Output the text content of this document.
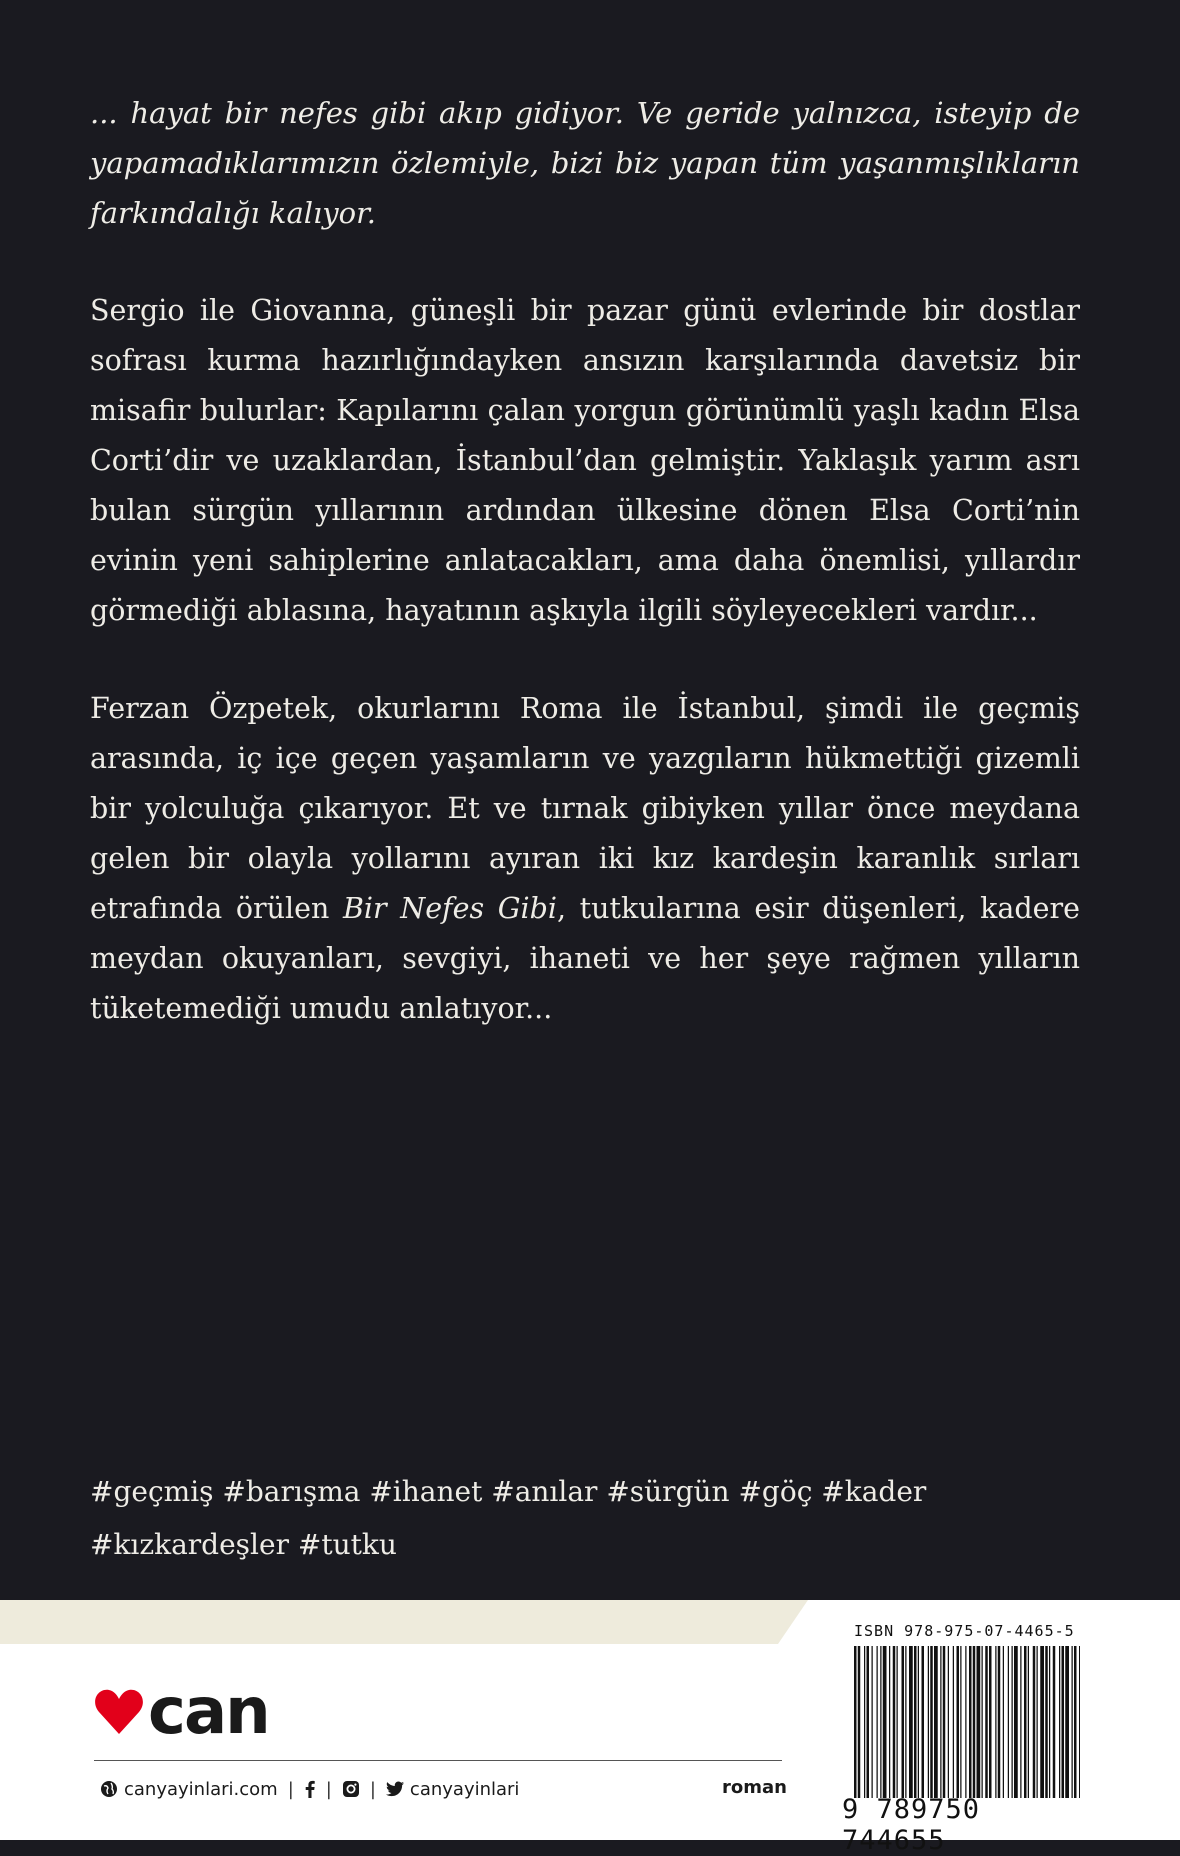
... hayat bir nefes gibi akıp gidiyor. Ve geride yalnızca, isteyip de yapamadıklarımızın özlemiyle, bizi biz yapan tüm yaşanmışlıkların farkındalığı kalıyor.

Sergio ile Giovanna, güneşli bir pazar günü evlerinde bir dostlar sofrası kurma hazırlığındayken ansızın karşılarında davetsiz bir misafir bulurlar: Kapılarını çalan yorgun görünümlü yaşlı kadın Elsa Corti’dir ve uzaklardan, İstanbul’dan gelmiştir. Yaklaşık yarım asrı bulan sürgün yıllarının ardından ülkesine dönen Elsa Corti’nin evinin yeni sahiplerine anlatacakları, ama daha önemlisi, yıllardır görmediği ablasına, hayatının aşkıyla ilgili söyleyecekleri vardır...

Ferzan Özpetek, okurlarını Roma ile İstanbul, şimdi ile geçmiş arasında, iç içe geçen yaşamların ve yazgıların hükmettiği gizemli bir yolculuğa çıkarıyor. Et ve tırnak gibiyken yıllar önce meydana gelen bir olayla yollarını ayıran iki kız kardeşin karanlık sırları etrafında örülen Bir Nefes Gibi, tutkularına esir düşenleri, kadere meydan okuyanları, sevgiyi, ihaneti ve her şeye rağmen yılların tüketemediği umudu anlatıyor...

#geçmiş #barışma #ihanet #anılar #sürgün #göç #kader #kızkardeşler #tutku
can
canyayinlari.com | | | canyayinlari	roman
ISBN 978-975-07-4465-5
9 789750 744655
